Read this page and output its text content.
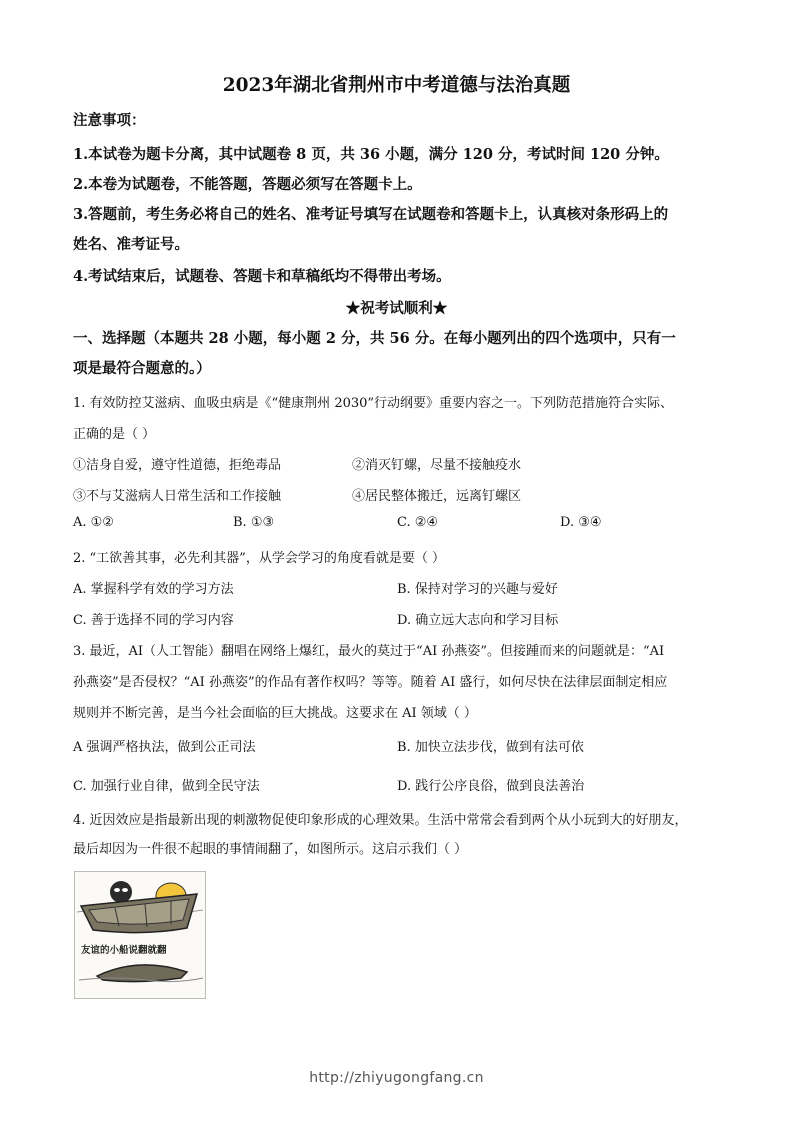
2023年湖北省荆州市中考道德与法治真题
注意事项：
1.本试卷为题卡分离，其中试题卷 8 页，共 36 小题，满分 120 分，考试时间 120 分钟。
2.本卷为试题卷，不能答题，答题必须写在答题卡上。
3.答题前，考生务必将自己的姓名、准考证号填写在试题卷和答题卡上，认真核对条形码上的
姓名、准考证号。
4.考试结束后，试题卷、答题卡和草稿纸均不得带出考场。
★祝考试顺利★
一、选择题（本题共 28 小题，每小题 2 分，共 56 分。在每小题列出的四个选项中，只有一
项是最符合题意的。）
1. 有效防控艾滋病、血吸虫病是《“健康荆州 2030”行动纲要》重要内容之一。下列防范措施符合实际、
正确的是（ ）
①洁身自爱，遵守性道德，拒绝毒品	②消灭钉螺，尽量不接触疫水
③不与艾滋病人日常生活和工作接触	④居民整体搬迁，远离钉螺区
A. ①②	B. ①③	C. ②④	D. ③④
2. “工欲善其事，必先利其器”，从学会学习的角度看就是要（ ）
A. 掌握科学有效的学习方法	B. 保持对学习的兴趣与爱好
C. 善于选择不同的学习内容	D. 确立远大志向和学习目标
3. 最近，AI（人工智能）翻唱在网络上爆红，最火的莫过于“AI 孙燕姿”。但接踵而来的问题就是：“AI
孙燕姿”是否侵权？“AI 孙燕姿”的作品有著作权吗？等等。随着 AI 盛行，如何尽快在法律层面制定相应
规则并不断完善，是当今社会面临的巨大挑战。这要求在 AI 领域（ ）
A 强调严格执法，做到公正司法	B. 加快立法步伐，做到有法可依
C. 加强行业自律，做到全民守法	D. 践行公序良俗，做到良法善治
4. 近因效应是指最新出现的刺激物促使印象形成的心理效果。生活中常常会看到两个从小玩到大的好朋友，
最后却因为一件很不起眼的事情闹翻了，如图所示。这启示我们（ ）
友谊的小船说翻就翻
http://zhiyugongfang.cn
